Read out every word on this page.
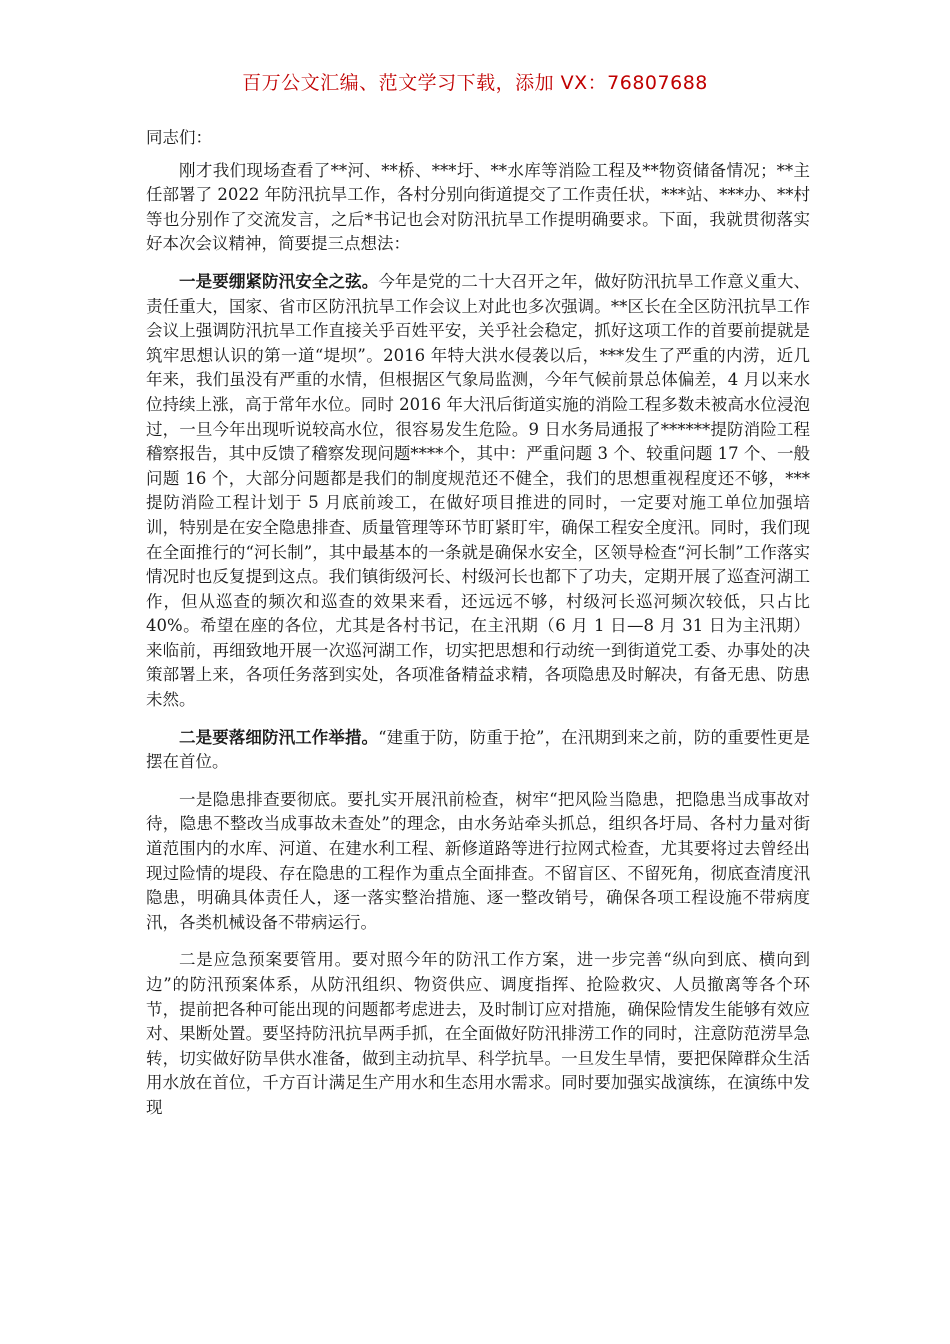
百万公文汇编、范文学习下载，添加 VX：76807688

同志们：

刚才我们现场查看了**河、**桥、***圩、**水库等消险工程及**物资储备情况；**主任部署了 2022 年防汛抗旱工作，各村分别向街道提交了工作责任状，***站、***办、**村等也分别作了交流发言，之后*书记也会对防汛抗旱工作提明确要求。下面，我就贯彻落实好本次会议精神，简要提三点想法：

一是要绷紧防汛安全之弦。今年是党的二十大召开之年，做好防汛抗旱工作意义重大、责任重大，国家、省市区防汛抗旱工作会议上对此也多次强调。**区长在全区防汛抗旱工作会议上强调防汛抗旱工作直接关乎百姓平安，关乎社会稳定，抓好这项工作的首要前提就是筑牢思想认识的第一道“堤坝”。2016 年特大洪水侵袭以后，***发生了严重的内涝，近几年来，我们虽没有严重的水情，但根据区气象局监测，今年气候前景总体偏差，4 月以来水位持续上涨，高于常年水位。同时 2016 年大汛后街道实施的消险工程多数未被高水位浸泡过，一旦今年出现听说较高水位，很容易发生危险。9 日水务局通报了******提防消险工程稽察报告，其中反馈了稽察发现问题****个，其中：严重问题 3 个、较重问题 17 个、一般问题 16 个，大部分问题都是我们的制度规范还不健全，我们的思想重视程度还不够，***提防消险工程计划于 5 月底前竣工，在做好项目推进的同时，一定要对施工单位加强培训，特别是在安全隐患排查、质量管理等环节盯紧盯牢，确保工程安全度汛。同时，我们现在全面推行的“河长制”，其中最基本的一条就是确保水安全，区领导检查“河长制”工作落实情况时也反复提到这点。我们镇街级河长、村级河长也都下了功夫，定期开展了巡查河湖工作，但从巡查的频次和巡查的效果来看，还远远不够，村级河长巡河频次较低，只占比 40%。希望在座的各位，尤其是各村书记，在主汛期（6 月 1 日—8 月 31 日为主汛期）来临前，再细致地开展一次巡河湖工作，切实把思想和行动统一到街道党工委、办事处的决策部署上来，各项任务落到实处，各项准备精益求精，各项隐患及时解决，有备无患、防患未然。

二是要落细防汛工作举措。“建重于防，防重于抢”，在汛期到来之前，防的重要性更是摆在首位。

一是隐患排查要彻底。要扎实开展汛前检查，树牢“把风险当隐患，把隐患当成事故对待，隐患不整改当成事故未查处”的理念，由水务站牵头抓总，组织各圩局、各村力量对街道范围内的水库、河道、在建水利工程、新修道路等进行拉网式检查，尤其要将过去曾经出现过险情的堤段、存在隐患的工程作为重点全面排查。不留盲区、不留死角，彻底查清度汛隐患，明确具体责任人，逐一落实整治措施、逐一整改销号，确保各项工程设施不带病度汛，各类机械设备不带病运行。

二是应急预案要管用。要对照今年的防汛工作方案，进一步完善“纵向到底、横向到边”的防汛预案体系，从防汛组织、物资供应、调度指挥、抢险救灾、人员撤离等各个环节，提前把各种可能出现的问题都考虑进去，及时制订应对措施，确保险情发生能够有效应对、果断处置。要坚持防汛抗旱两手抓，在全面做好防汛排涝工作的同时，注意防范涝旱急转，切实做好防旱供水准备，做到主动抗旱、科学抗旱。一旦发生旱情，要把保障群众生活用水放在首位，千方百计满足生产用水和生态用水需求。同时要加强实战演练，在演练中发现
